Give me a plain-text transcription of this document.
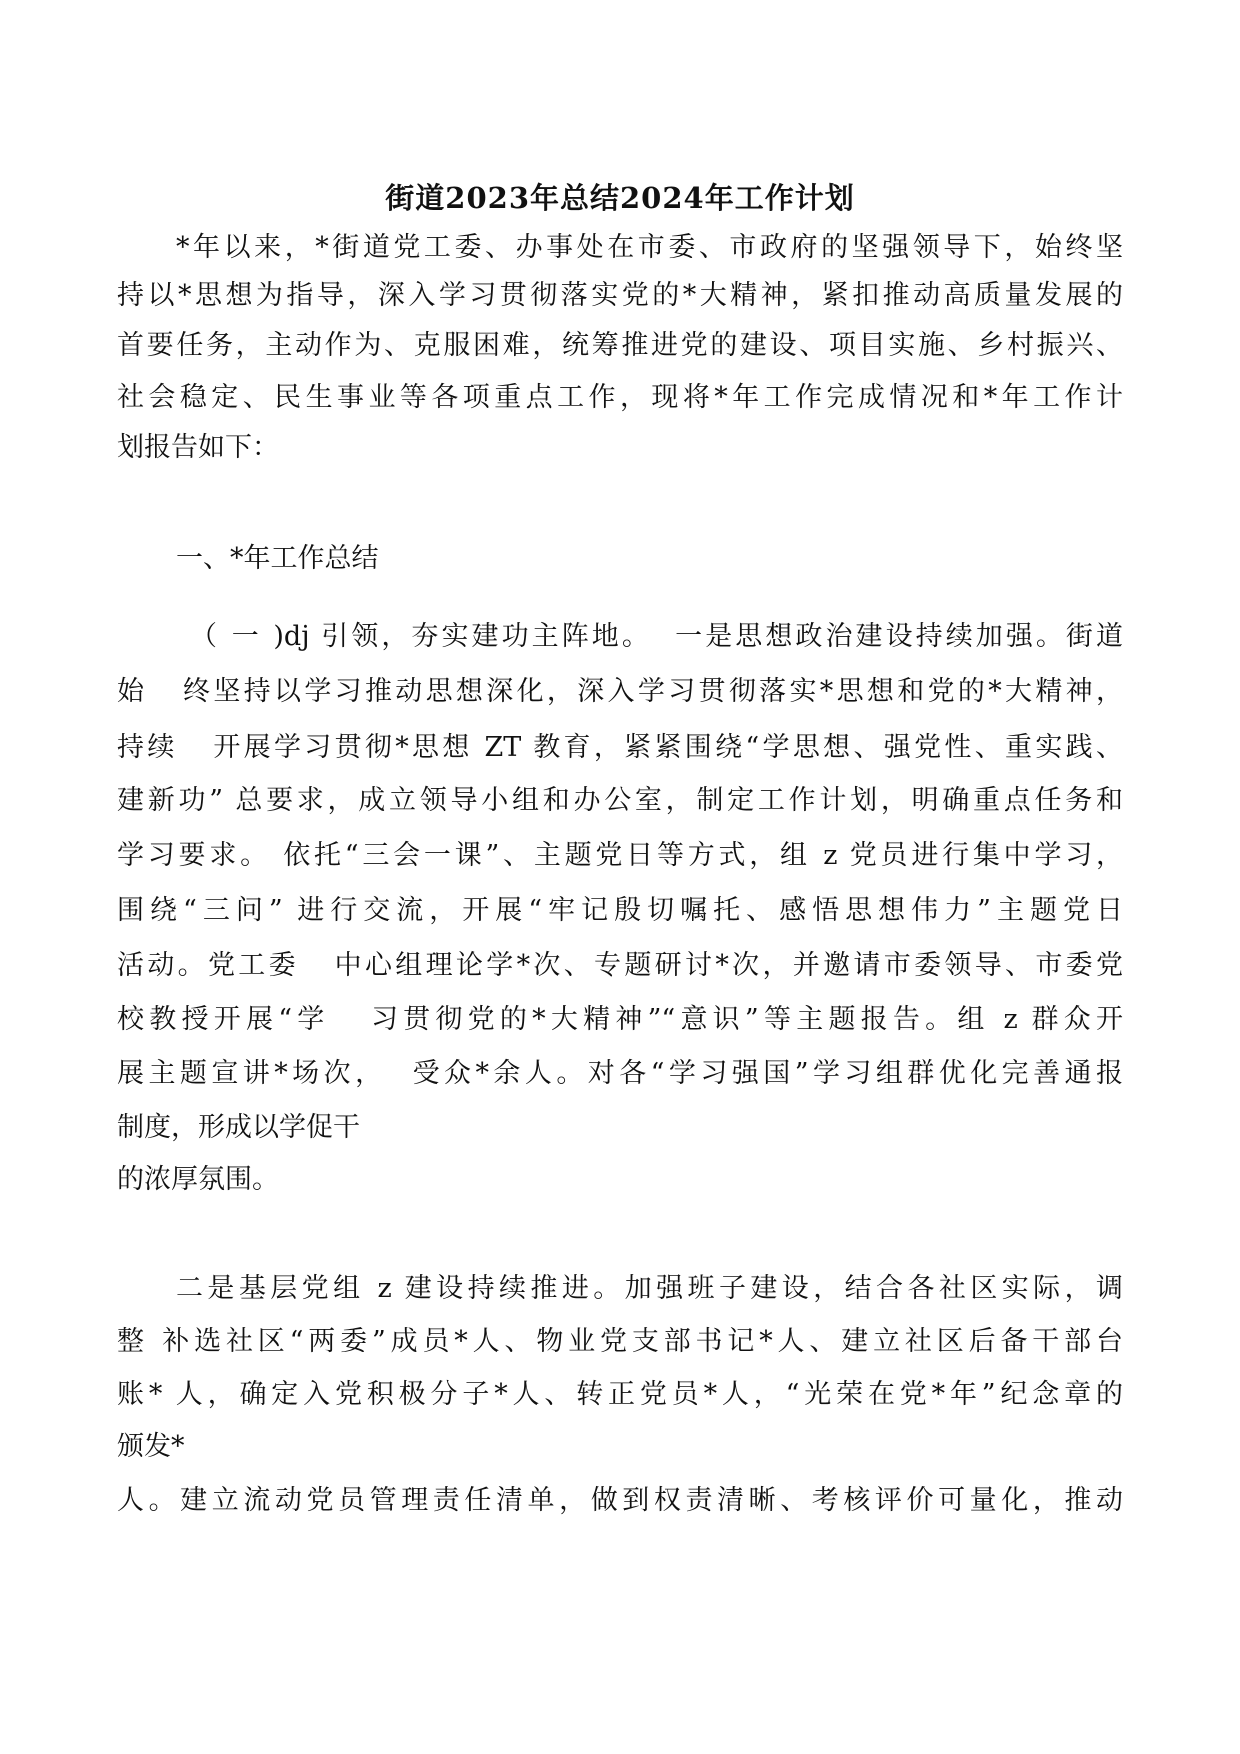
街道2023年总结2024年工作计划
*年以来，*街道党工委、办事处在市委、市政府的坚强领导下，始终坚
持以*思想为指导，深入学习贯彻落实党的*大精神，紧扣推动高质量发展的
首要任务，主动作为、克服困难，统筹推进党的建设、项目实施、乡村振兴、
社会稳定、民生事业等各项重点工作，现将*年工作完成情况和*年工作计
划报告如下：
一、*年工作总结
（ 一 )dj 引领，夯实建功主阵地。  一是思想政治建设持续加强。街道
始   终坚持以学习推动思想深化，深入学习贯彻落实*思想和党的*大精神，
持续   开展学习贯彻*思想 ZT 教育，紧紧围绕“学思想、强党性、重实践、
建新功” 总要求，成立领导小组和办公室，制定工作计划，明确重点任务和
学习要求。 依托“三会一课”、主题党日等方式，组 z 党员进行集中学习，
围绕“三问” 进行交流，开展“牢记殷切嘱托、感悟思想伟力”主题党日
活动。党工委   中心组理论学*次、专题研讨*次，并邀请市委领导、市委党
校教授开展“学   习贯彻党的*大精神”“意识”等主题报告。组 z 群众开
展主题宣讲*场次，  受众*余人。对各“学习强国”学习组群优化完善通报
制度，形成以学促干
的浓厚氛围。
二是基层党组 z 建设持续推进。加强班子建设，结合各社区实际，调
整 补选社区“两委”成员*人、物业党支部书记*人、建立社区后备干部台
账* 人，确定入党积极分子*人、转正党员*人，“光荣在党*年”纪念章的
颁发*
人。建立流动党员管理责任清单，做到权责清晰、考核评价可量化，推动
